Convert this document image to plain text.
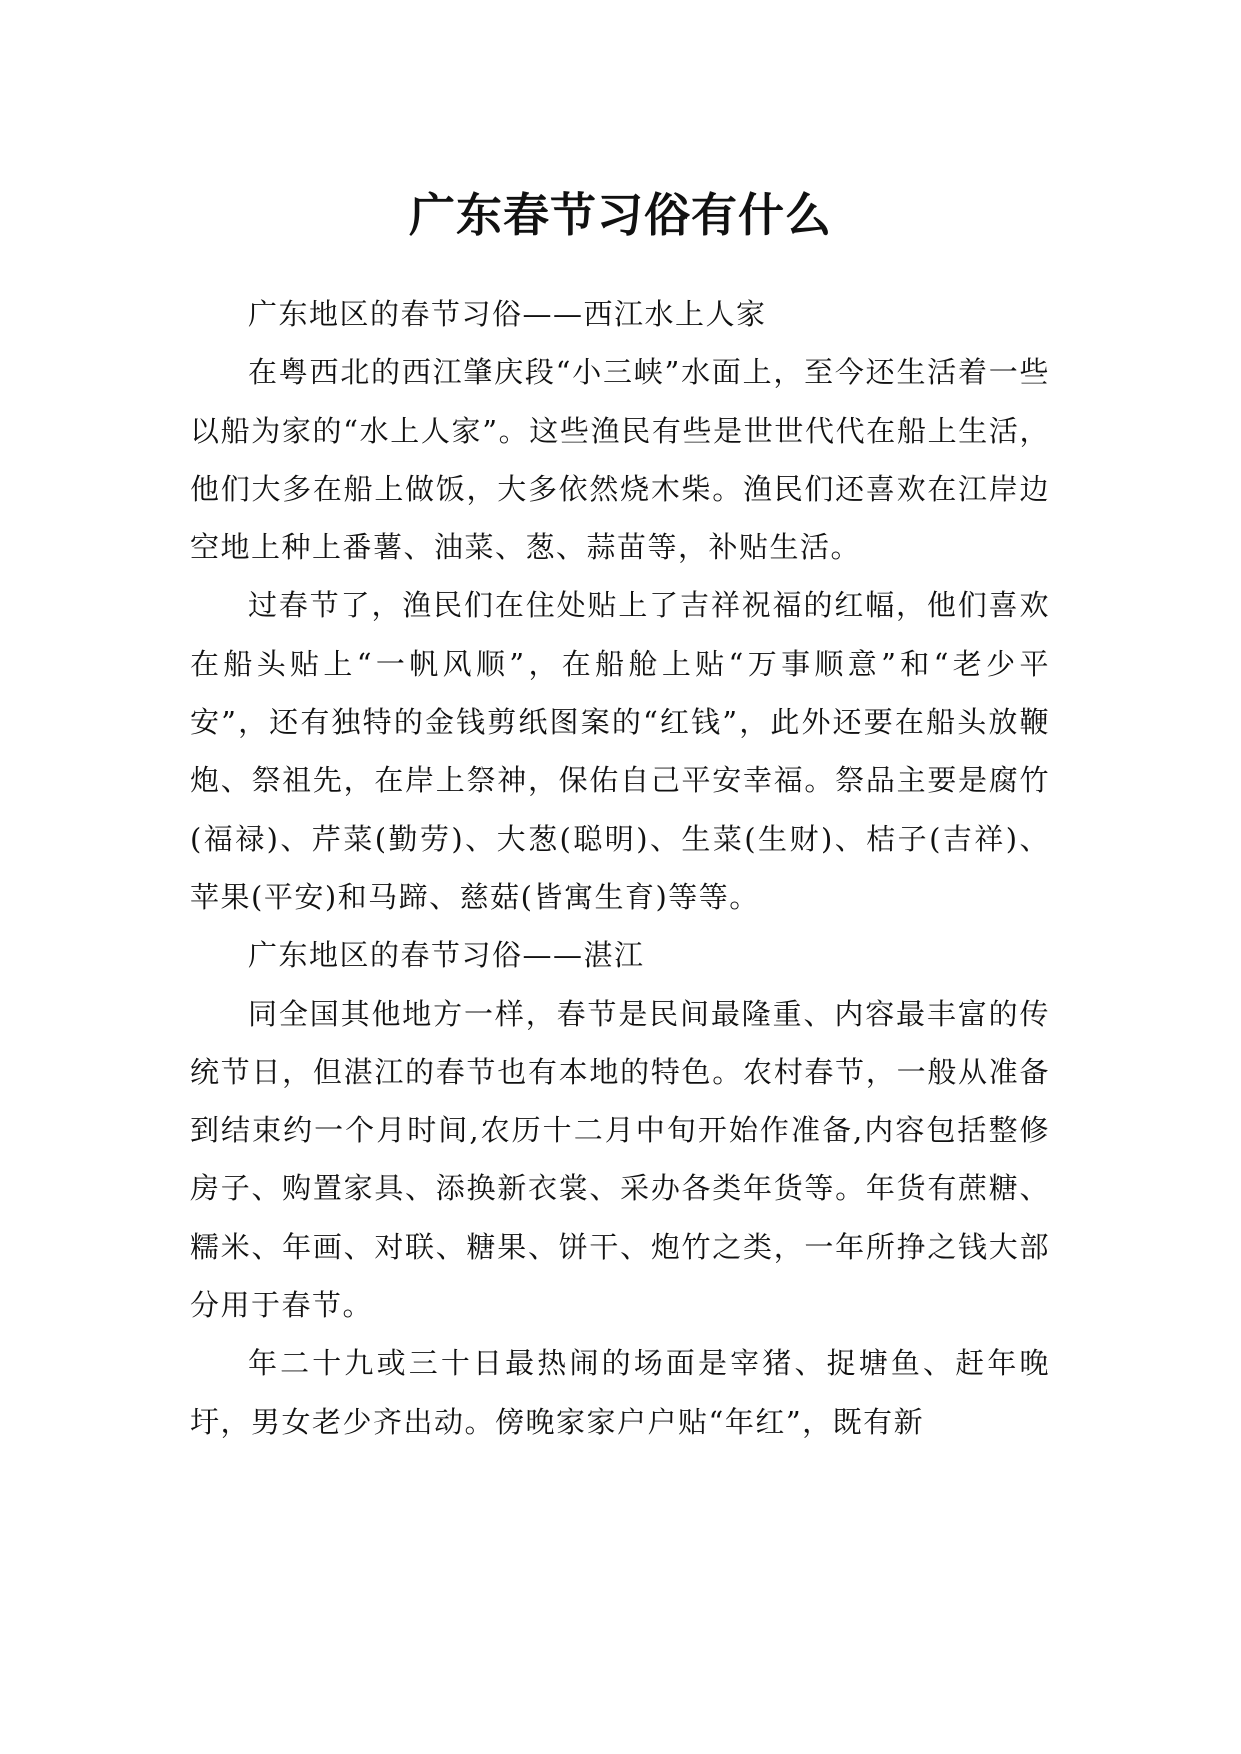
广东春节习俗有什么

广东地区的春节习俗——西江水上人家

在粤西北的西江肇庆段“小三峡”水面上，至今还生活着一些以船为家的“水上人家”。这些渔民有些是世世代代在船上生活，他们大多在船上做饭，大多依然烧木柴。渔民们还喜欢在江岸边空地上种上番薯、油菜、葱、蒜苗等，补贴生活。

过春节了，渔民们在住处贴上了吉祥祝福的红幅，他们喜欢在船头贴上“一帆风顺”，在船舱上贴“万事顺意”和“老少平安”，还有独特的金钱剪纸图案的“红钱”，此外还要在船头放鞭炮、祭祖先，在岸上祭神，保佑自己平安幸福。祭品主要是腐竹(福禄)、芹菜(勤劳)、大葱(聪明)、生菜(生财)、桔子(吉祥)、苹果(平安)和马蹄、慈菇(皆寓生育)等等。

广东地区的春节习俗——湛江

同全国其他地方一样，春节是民间最隆重、内容最丰富的传统节日，但湛江的春节也有本地的特色。农村春节，一般从准备到结束约一个月时间,农历十二月中旬开始作准备,内容包括整修房子、购置家具、添换新衣裳、采办各类年货等。年货有蔗糖、糯米、年画、对联、糖果、饼干、炮竹之类，一年所挣之钱大部分用于春节。

年二十九或三十日最热闹的场面是宰猪、捉塘鱼、赶年晚圩，男女老少齐出动。傍晚家家户户贴“年红”，既有新
